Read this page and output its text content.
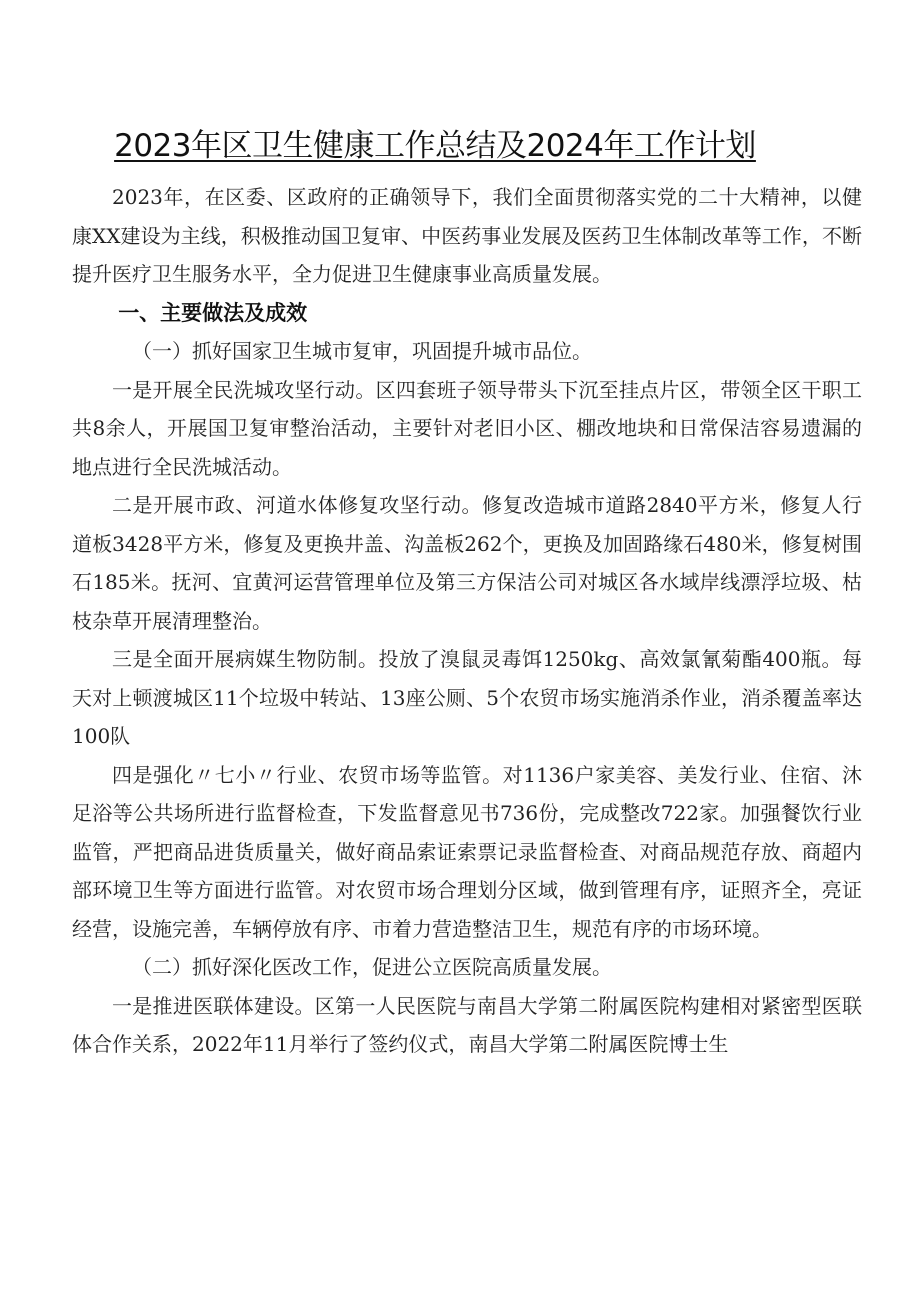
2023年区卫生健康工作总结及2024年工作计划

2023年，在区委、区政府的正确领导下，我们全面贯彻落实党的二十大精神，以健康XX建设为主线，积极推动国卫复审、中医药事业发展及医药卫生体制改革等工作，不断提升医疗卫生服务水平，全力促进卫生健康事业高质量发展。

一、主要做法及成效

（一）抓好国家卫生城市复审，巩固提升城市品位。

一是开展全民洗城攻坚行动。区四套班子领导带头下沉至挂点片区，带领全区干职工共8余人，开展国卫复审整治活动，主要针对老旧小区、棚改地块和日常保洁容易遗漏的地点进行全民洗城活动。

二是开展市政、河道水体修复攻坚行动。修复改造城市道路2840平方米，修复人行道板3428平方米，修复及更换井盖、沟盖板262个，更换及加固路缘石480米，修复树围石185米。抚河、宜黄河运营管理单位及第三方保洁公司对城区各水域岸线漂浮垃圾、枯枝杂草开展清理整治。

三是全面开展病媒生物防制。投放了溴鼠灵毒饵1250kg、高效氯氰菊酯400瓶。每天对上顿渡城区11个垃圾中转站、13座公厕、5个农贸市场实施消杀作业，消杀覆盖率达100队

四是强化〃七小〃行业、农贸市场等监管。对1136户家美容、美发行业、住宿、沐足浴等公共场所进行监督检查，下发监督意见书736份，完成整改722家。加强餐饮行业监管，严把商品进货质量关，做好商品索证索票记录监督检查、对商品规范存放、商超内部环境卫生等方面进行监管。对农贸市场合理划分区域，做到管理有序，证照齐全，亮证经营，设施完善，车辆停放有序、市着力营造整洁卫生，规范有序的市场环境。

（二）抓好深化医改工作，促进公立医院高质量发展。

一是推进医联体建设。区第一人民医院与南昌大学第二附属医院构建相对紧密型医联体合作关系，2022年11月举行了签约仪式，南昌大学第二附属医院博士生
